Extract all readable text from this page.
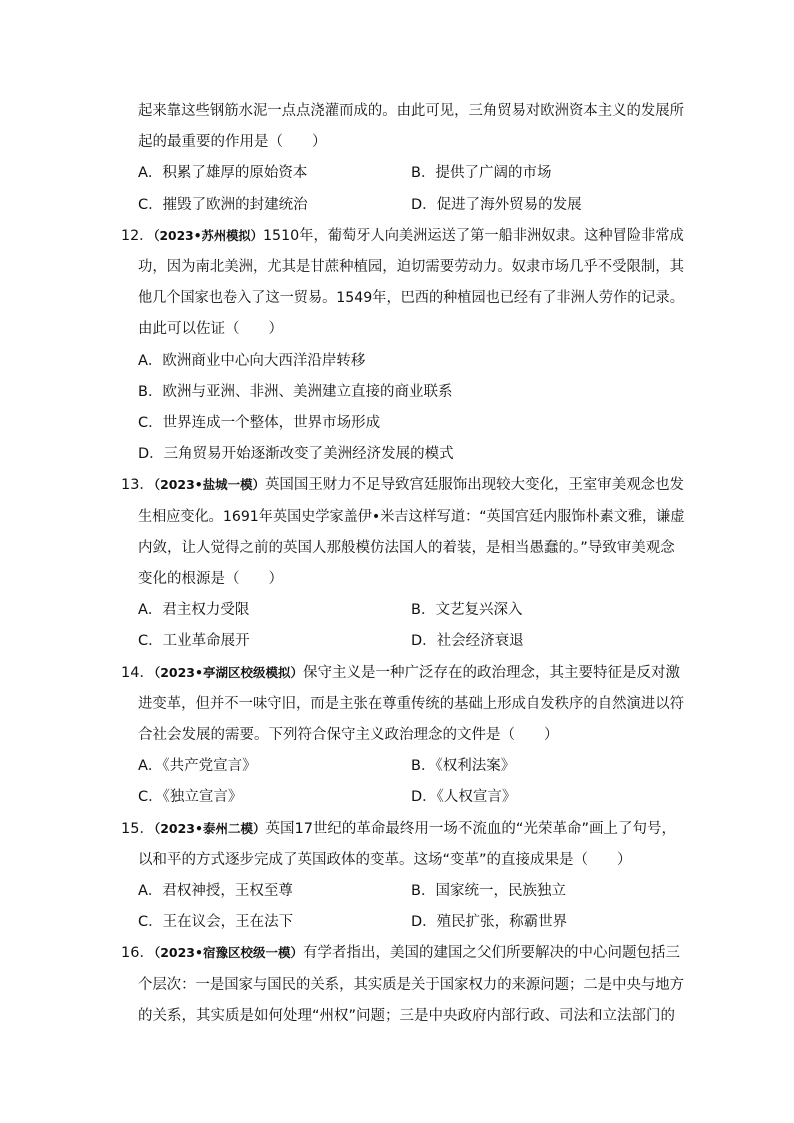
起来靠这些钢筋水泥一点点浇灌而成的。由此可见，三角贸易对欧洲资本主义的发展所
起的最重要的作用是（　　）
A．积累了雄厚的原始资本	B．提供了广阔的市场
C．摧毁了欧洲的封建统治	D．促进了海外贸易的发展
12．（2023•苏州模拟）1510年，葡萄牙人向美洲运送了第一船非洲奴隶。这种冒险非常成
功，因为南北美洲，尤其是甘蔗种植园，迫切需要劳动力。奴隶市场几乎不受限制，其
他几个国家也卷入了这一贸易。1549年，巴西的种植园也已经有了非洲人劳作的记录。
由此可以佐证（　　）
A．欧洲商业中心向大西洋沿岸转移
B．欧洲与亚洲、非洲、美洲建立直接的商业联系
C．世界连成一个整体，世界市场形成
D．三角贸易开始逐渐改变了美洲经济发展的模式
13．（2023•盐城一模）英国国王财力不足导致宫廷服饰出现较大变化，王室审美观念也发
生相应变化。1691年英国史学家盖伊•米吉这样写道：“英国宫廷内服饰朴素文雅，谦虚
内敛，让人觉得之前的英国人那般模仿法国人的着装，是相当愚蠢的。”导致审美观念
变化的根源是（　　）
A．君主权力受限	B．文艺复兴深入
C．工业革命展开	D．社会经济衰退
14．（2023•亭湖区校级模拟）保守主义是一种广泛存在的政治理念，其主要特征是反对激
进变革，但并不一味守旧，而是主张在尊重传统的基础上形成自发秩序的自然演进以符
合社会发展的需要。下列符合保守主义政治理念的文件是（　　）
A．《共产党宣言》	B．《权利法案》
C．《独立宣言》	D．《人权宣言》
15．（2023•泰州二模）英国17世纪的革命最终用一场不流血的“光荣革命”画上了句号，
以和平的方式逐步完成了英国政体的变革。这场“变革”的直接成果是（　　）
A．君权神授，王权至尊	B．国家统一，民族独立
C．王在议会，王在法下	D．殖民扩张，称霸世界
16．（2023•宿豫区校级一模）有学者指出，美国的建国之父们所要解决的中心问题包括三
个层次：一是国家与国民的关系，其实质是关于国家权力的来源问题；二是中央与地方
的关系，其实质是如何处理“州权”问题；三是中央政府内部行政、司法和立法部门的
